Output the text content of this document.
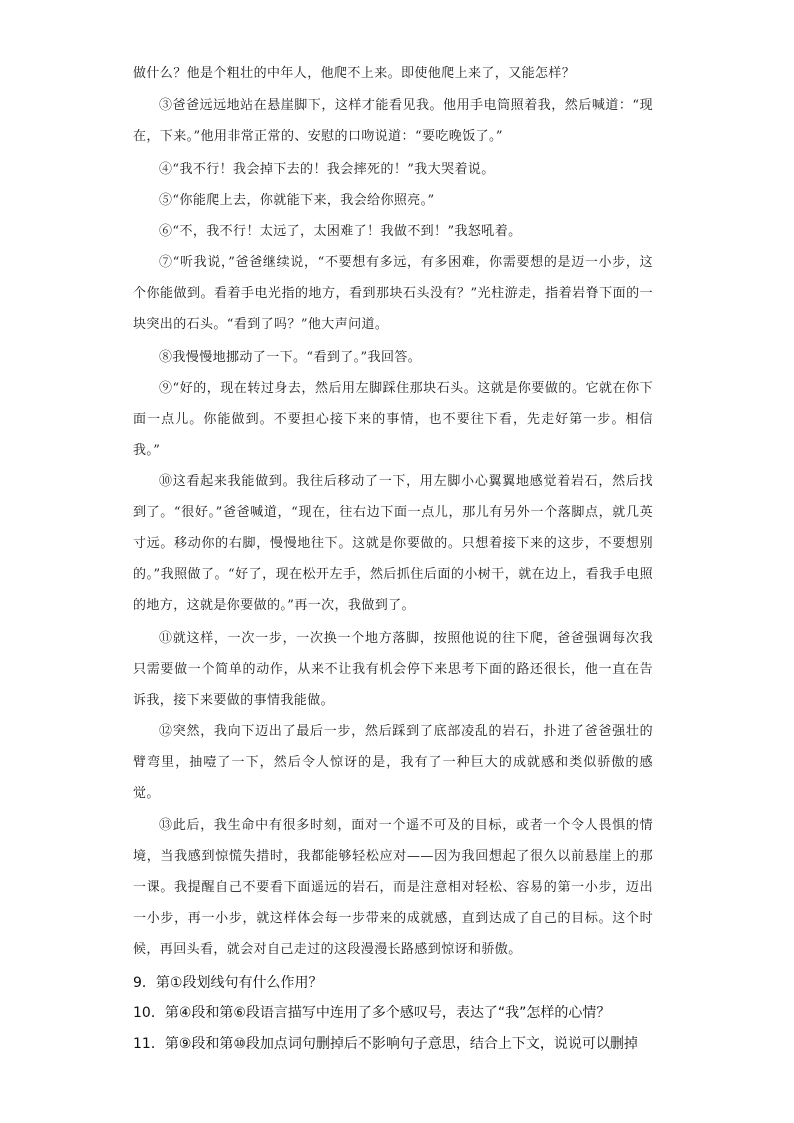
做什么？他是个粗壮的中年人，他爬不上来。即使他爬上来了，又能怎样？
③爸爸远远地站在悬崖脚下，这样才能看见我。他用手电筒照着我，然后喊道：“现在，下来。”他用非常正常的、安慰的口吻说道：“要吃晚饭了。”
④“我不行！我会掉下去的！我会摔死的！”我大哭着说。
⑤“你能爬上去，你就能下来，我会给你照亮。”
⑥“不，我不行！太远了，太困难了！我做不到！”我怒吼着。
⑦“听我说，”爸爸继续说，“不要想有多远，有多困难，你需要想的是迈一小步，这个你能做到。看着手电光指的地方，看到那块石头没有？”光柱游走，指着岩脊下面的一块突出的石头。“看到了吗？”他大声问道。
⑧我慢慢地挪动了一下。“看到了。”我回答。
⑨“好的，现在转过身去，然后用左脚踩住那块石头。这就是你要做的。它就在你下面一点儿。你能做到。不要担心接下来的事情，也不要往下看，先走好第一步。相信我。”
⑩这看起来我能做到。我往后移动了一下，用左脚小心翼翼地感觉着岩石，然后找到了。“很好。”爸爸喊道，“现在，往右边下面一点儿，那儿有另外一个落脚点，就几英寸远。移动你的右脚，慢慢地往下。这就是你要做的。只想着接下来的这步，不要想别的。”我照做了。“好了，现在松开左手，然后抓住后面的小树干，就在边上，看我手电照的地方，这就是你要做的。”再一次，我做到了。
⑪就这样，一次一步，一次换一个地方落脚，按照他说的往下爬，爸爸强调每次我只需要做一个简单的动作，从来不让我有机会停下来思考下面的路还很长，他一直在告诉我，接下来要做的事情我能做。
⑫突然，我向下迈出了最后一步，然后踩到了底部凌乱的岩石，扑进了爸爸强壮的臂弯里，抽噎了一下，然后令人惊讶的是，我有了一种巨大的成就感和类似骄傲的感觉。
⑬此后，我生命中有很多时刻，面对一个遥不可及的目标，或者一个令人畏惧的情境，当我感到惊慌失措时，我都能够轻松应对——因为我回想起了很久以前悬崖上的那一课。我提醒自己不要看下面遥远的岩石，而是注意相对轻松、容易的第一小步，迈出一小步，再一小步，就这样体会每一步带来的成就感，直到达成了自己的目标。这个时候，再回头看，就会对自己走过的这段漫漫长路感到惊讶和骄傲。
9．第①段划线句有什么作用？
10．第④段和第⑥段语言描写中连用了多个感叹号，表达了“我”怎样的心情？
11．第⑨段和第⑩段加点词句删掉后不影响句子意思，结合上下文，说说可以删掉
